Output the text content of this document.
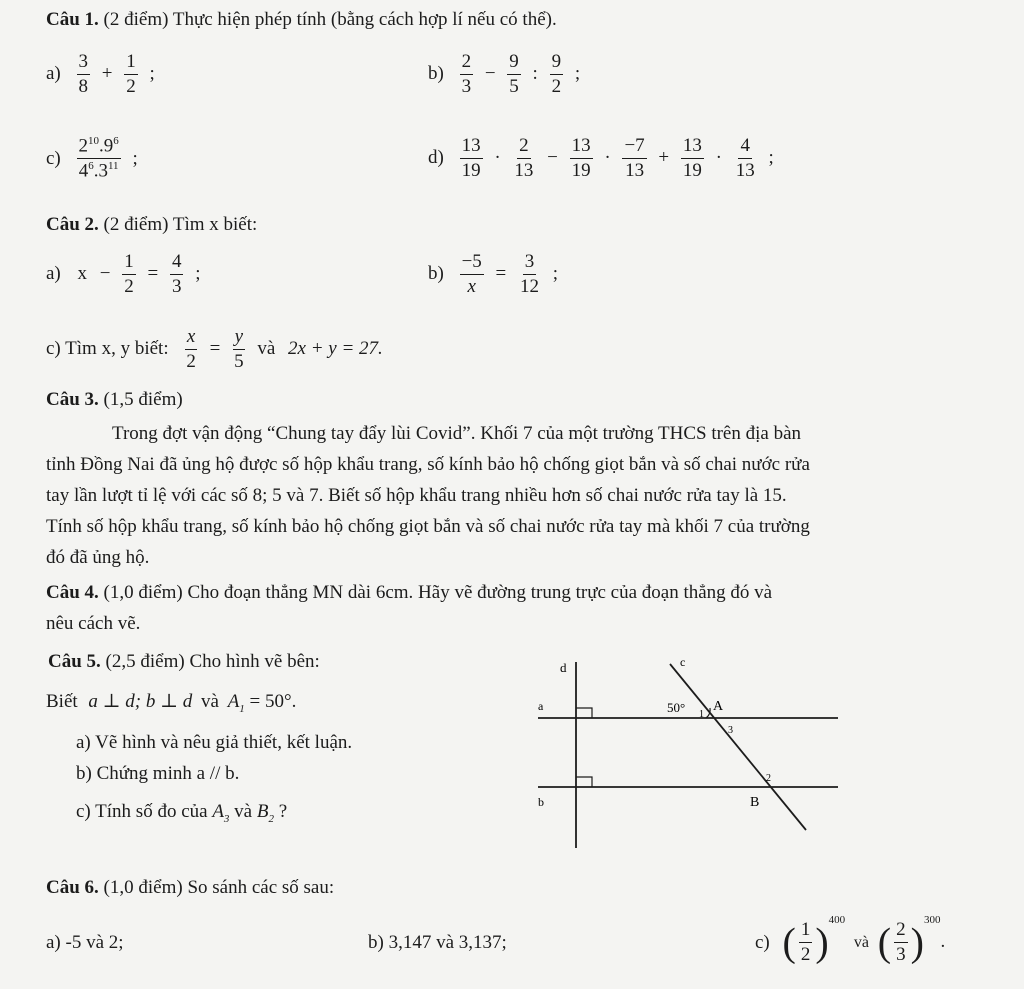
Câu 1. (2 điểm) Thực hiện phép tính (bằng cách hợp lí nếu có thể).
$a) \frac{3}{8} + \frac{1}{2}$ ;	$b) \frac{2}{3} - \frac{9}{5}$ : $\frac{9}{2}$ ;
$c) \frac{2^{10}.9^6}{4^6.3^{11}}$ ;	$d) \frac{13}{19} \cdot \frac{2}{13} - \frac{13}{19} \cdot \frac{-7}{13} + \frac{13}{19} \cdot \frac{4}{13}$ ;
Câu 2. (2 điểm) Tìm x biết:
a) $x - \frac{1}{2} = \frac{4}{3}$ ;	$b) \frac{-5}{x} = \frac{3}{12}$ ;
c) Tìm x, y biết: $\frac{x}{2} = \frac{y}{5}$ và 2x + y = 27.
Câu 3. (1,5 điểm)
Trong đợt vận động “Chung tay đẩy lùi Covid”. Khối 7 của một trường THCS trên địa bàn
tỉnh Đồng Nai đã ủng hộ được số hộp khẩu trang, số kính bảo hộ chống giọt bắn và số chai nước rửa
tay lần lượt tỉ lệ với các số 8; 5 và 7. Biết số hộp khẩu trang nhiều hơn số chai nước rửa tay là 15.
Tính số hộp khẩu trang, số kính bảo hộ chống giọt bắn và số chai nước rửa tay mà khối 7 của trường
đó đã ủng hộ.
Câu 4. (1,0 điểm) Cho đoạn thẳng MN dài 6cm. Hãy vẽ đường trung trực của đoạn thẳng đó và
nêu cách vẽ.
Câu 5. (2,5 điểm) Cho hình vẽ bên:
Biết a ⊥ d; b ⊥ d và $A_1 = 50^\circ$.
a) Vẽ hình và nêu giả thiết, kết luận.
b) Chứng minh a // b.
c) Tính số đo của $A_3$ và $B_2$ ?
d	c
a
b
50° A
1
3
2
B
Câu 6. (1,0 điểm) So sánh các số sau:
a) -5 và 2;	b) 3,147 và 3,137;	c) ( $\frac{1}{2} )^{400}$ và ( $\frac{2}{3} )^{300}$.
